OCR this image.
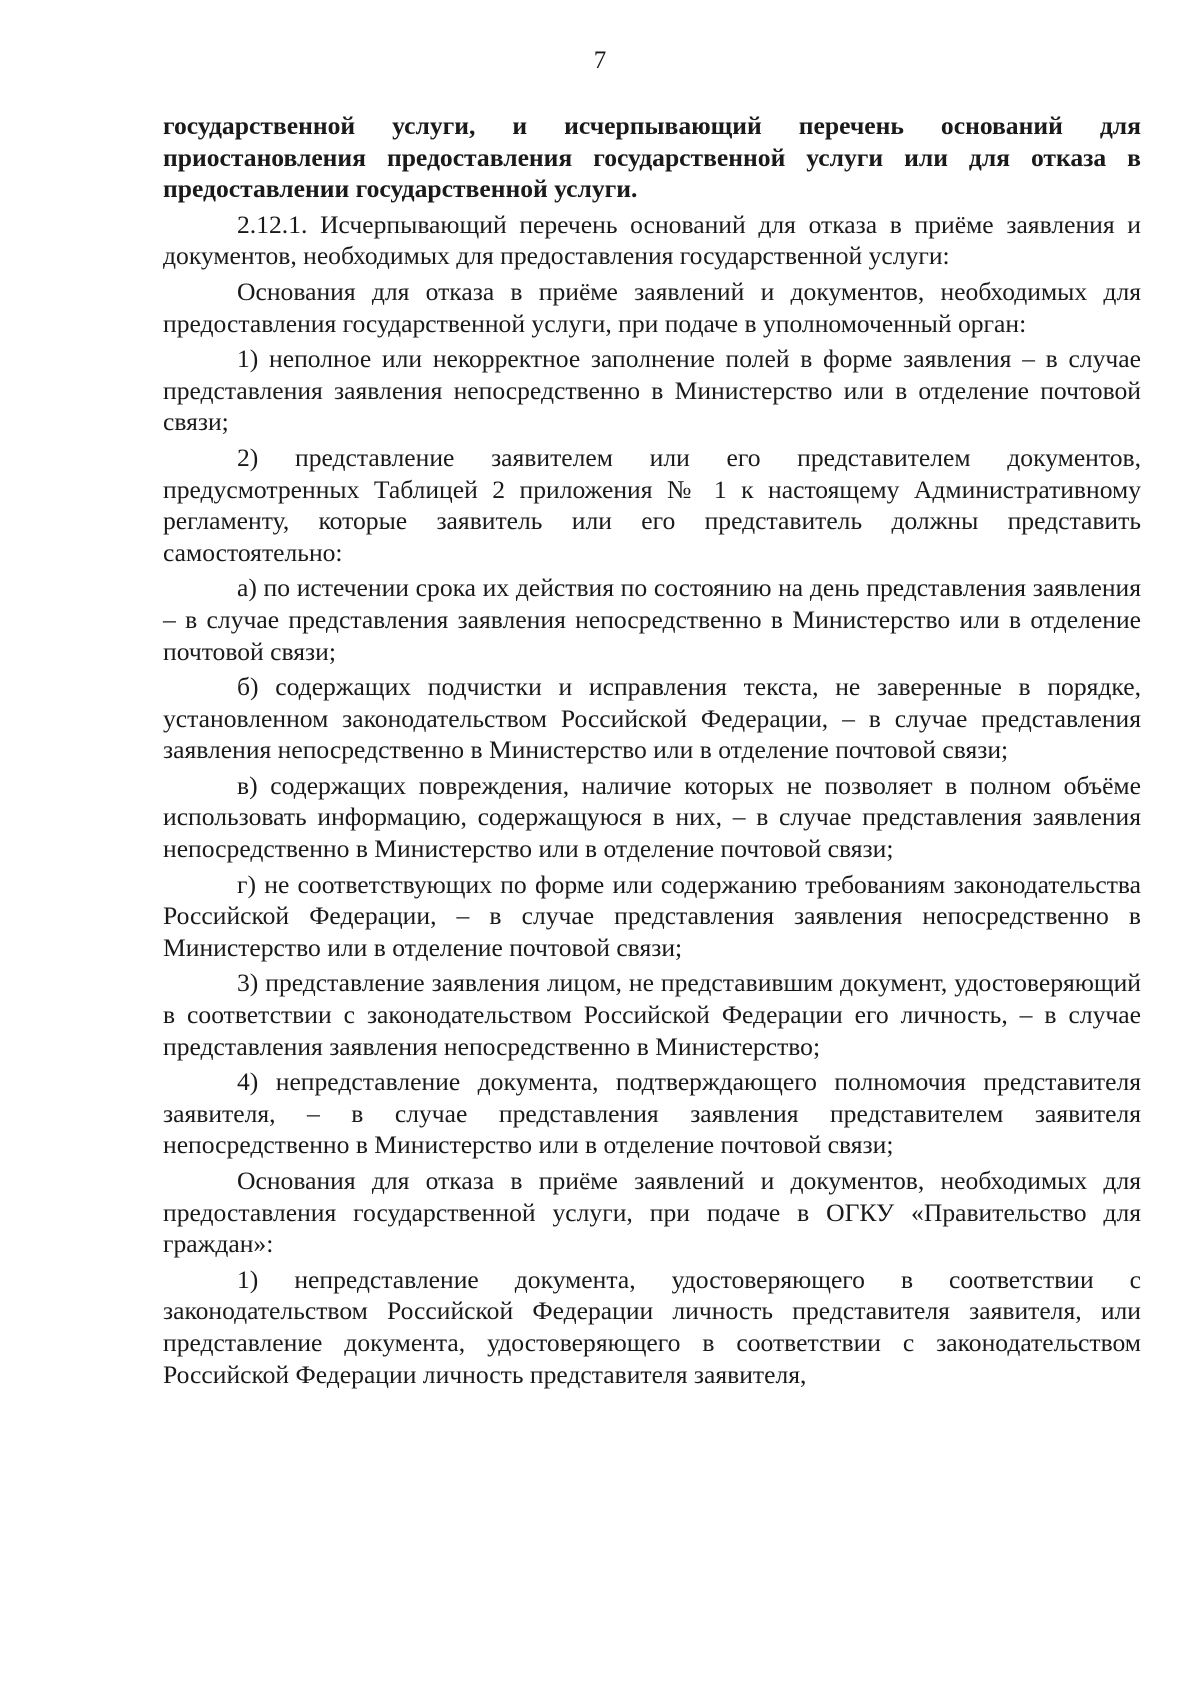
7

государственной услуги, и исчерпывающий перечень оснований для приостановления предоставления государственной услуги или для отказа в предоставлении государственной услуги.

2.12.1. Исчерпывающий перечень оснований для отказа в приёме заявления и документов, необходимых для предоставления государственной услуги:

Основания для отказа в приёме заявлений и документов, необходимых для предоставления государственной услуги, при подаче в уполномоченный орган:

1) неполное или некорректное заполнение полей в форме заявления – в случае представления заявления непосредственно в Министерство или в отделение почтовой связи;

2) представление заявителем или его представителем документов, предусмотренных Таблицей 2 приложения № 1 к настоящему Административному регламенту, которые заявитель или его представитель должны представить самостоятельно:

а) по истечении срока их действия по состоянию на день представления заявления – в случае представления заявления непосредственно в Министерство или в отделение почтовой связи;

б) содержащих подчистки и исправления текста, не заверенные в порядке, установленном законодательством Российской Федерации, – в случае представления заявления непосредственно в Министерство или в отделение почтовой связи;

в) содержащих повреждения, наличие которых не позволяет в полном объёме использовать информацию, содержащуюся в них, – в случае представления заявления непосредственно в Министерство или в отделение почтовой связи;

г) не соответствующих по форме или содержанию требованиям законодательства Российской Федерации, – в случае представления заявления непосредственно в Министерство или в отделение почтовой связи;

3) представление заявления лицом, не представившим документ, удостоверяющий в соответствии с законодательством Российской Федерации его личность, – в случае представления заявления непосредственно в Министерство;

4) непредставление документа, подтверждающего полномочия представителя заявителя, – в случае представления заявления представителем заявителя непосредственно в Министерство или в отделение почтовой связи;

Основания для отказа в приёме заявлений и документов, необходимых для предоставления государственной услуги, при подаче в ОГКУ «Правительство для граждан»:

1) непредставление документа, удостоверяющего в соответствии с законодательством Российской Федерации личность представителя заявителя, или представление документа, удостоверяющего в соответствии с законодательством Российской Федерации личность представителя заявителя,
